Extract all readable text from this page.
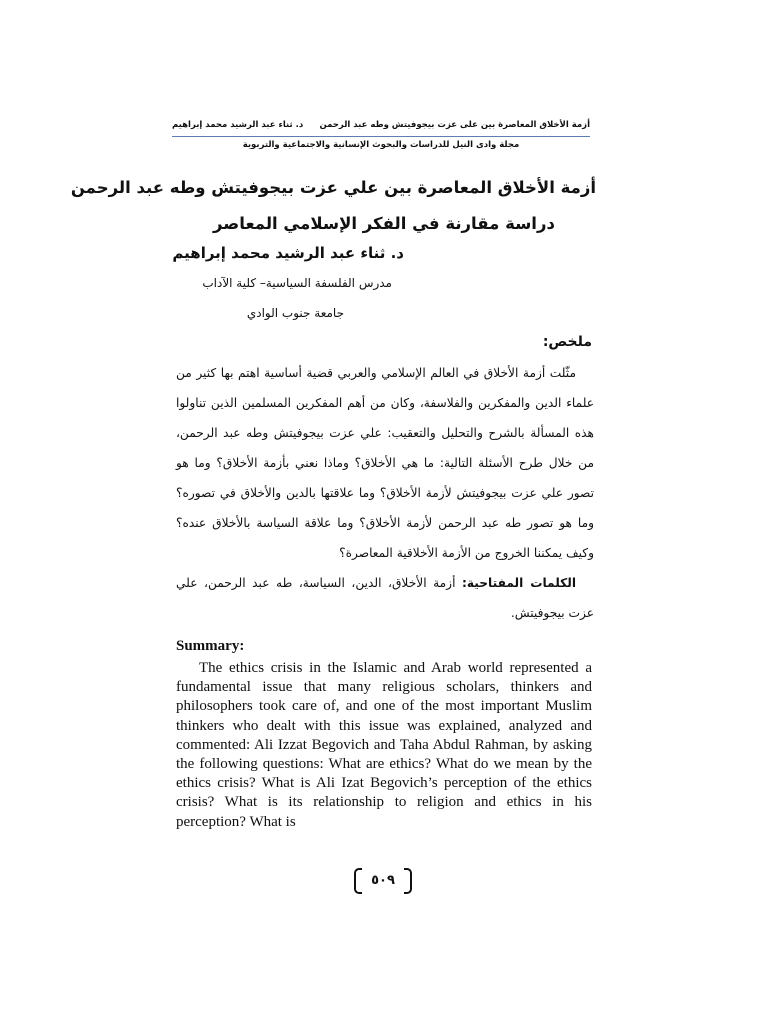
أزمة الأخلاق المعاصرة بين على عزت بيجوفيتش وطه عبد الرحمن
د. ثناء عبد الرشيد محمد إبراهيم
مجلة وادى النيل للدراسات والبحوث الإنسانية والاجتماعية والتربوية
أزمة الأخلاق المعاصرة بين علي عزت بيجوفيتش وطه عبد الرحمن
دراسة مقارنة في الفكر الإسلامي المعاصر
د. ثناء عبد الرشيد محمد إبراهيم
مدرس الفلسفة السياسية– كلية الآداب
جامعة جنوب الوادي
ملخص:

مثّلت أزمة الأخلاق في العالم الإسلامي والعربي قضية أساسية اهتم بها كثير من علماء الدين والمفكرين والفلاسفة، وكان من أهم المفكرين المسلمين الذين تناولوا هذه المسألة بالشرح والتحليل والتعقيب: علي عزت بيجوفيتش وطه عبد الرحمن، من خلال طرح الأسئلة التالية: ما هي الأخلاق؟ وماذا نعني بأزمة الأخلاق؟ وما هو تصور علي عزت بيجوفيتش لأزمة الأخلاق؟ وما علاقتها بالدين والأخلاق في تصوره؟ وما هو تصور طه عبد الرحمن لأزمة الأخلاق؟ وما علاقة السياسة بالأخلاق عنده؟ وكيف يمكننا الخروج من الأزمة الأخلاقية المعاصرة؟

الكلمات المفتاحية: أزمة الأخلاق، الدين، السياسة، طه عبد الرحمن، علي عزت بيجوفيتش.

Summary:

The ethics crisis in the Islamic and Arab world represented a fundamental issue that many religious scholars, thinkers and philosophers took care of, and one of the most important Muslim thinkers who dealt with this issue was explained, analyzed and commented: Ali Izzat Begovich and Taha Abdul Rahman, by asking the following questions: What are ethics? What do we mean by the ethics crisis? What is Ali Izat Begovich’s perception of the ethics crisis? What is its relationship to religion and ethics in his perception? What is

٥٠٩
